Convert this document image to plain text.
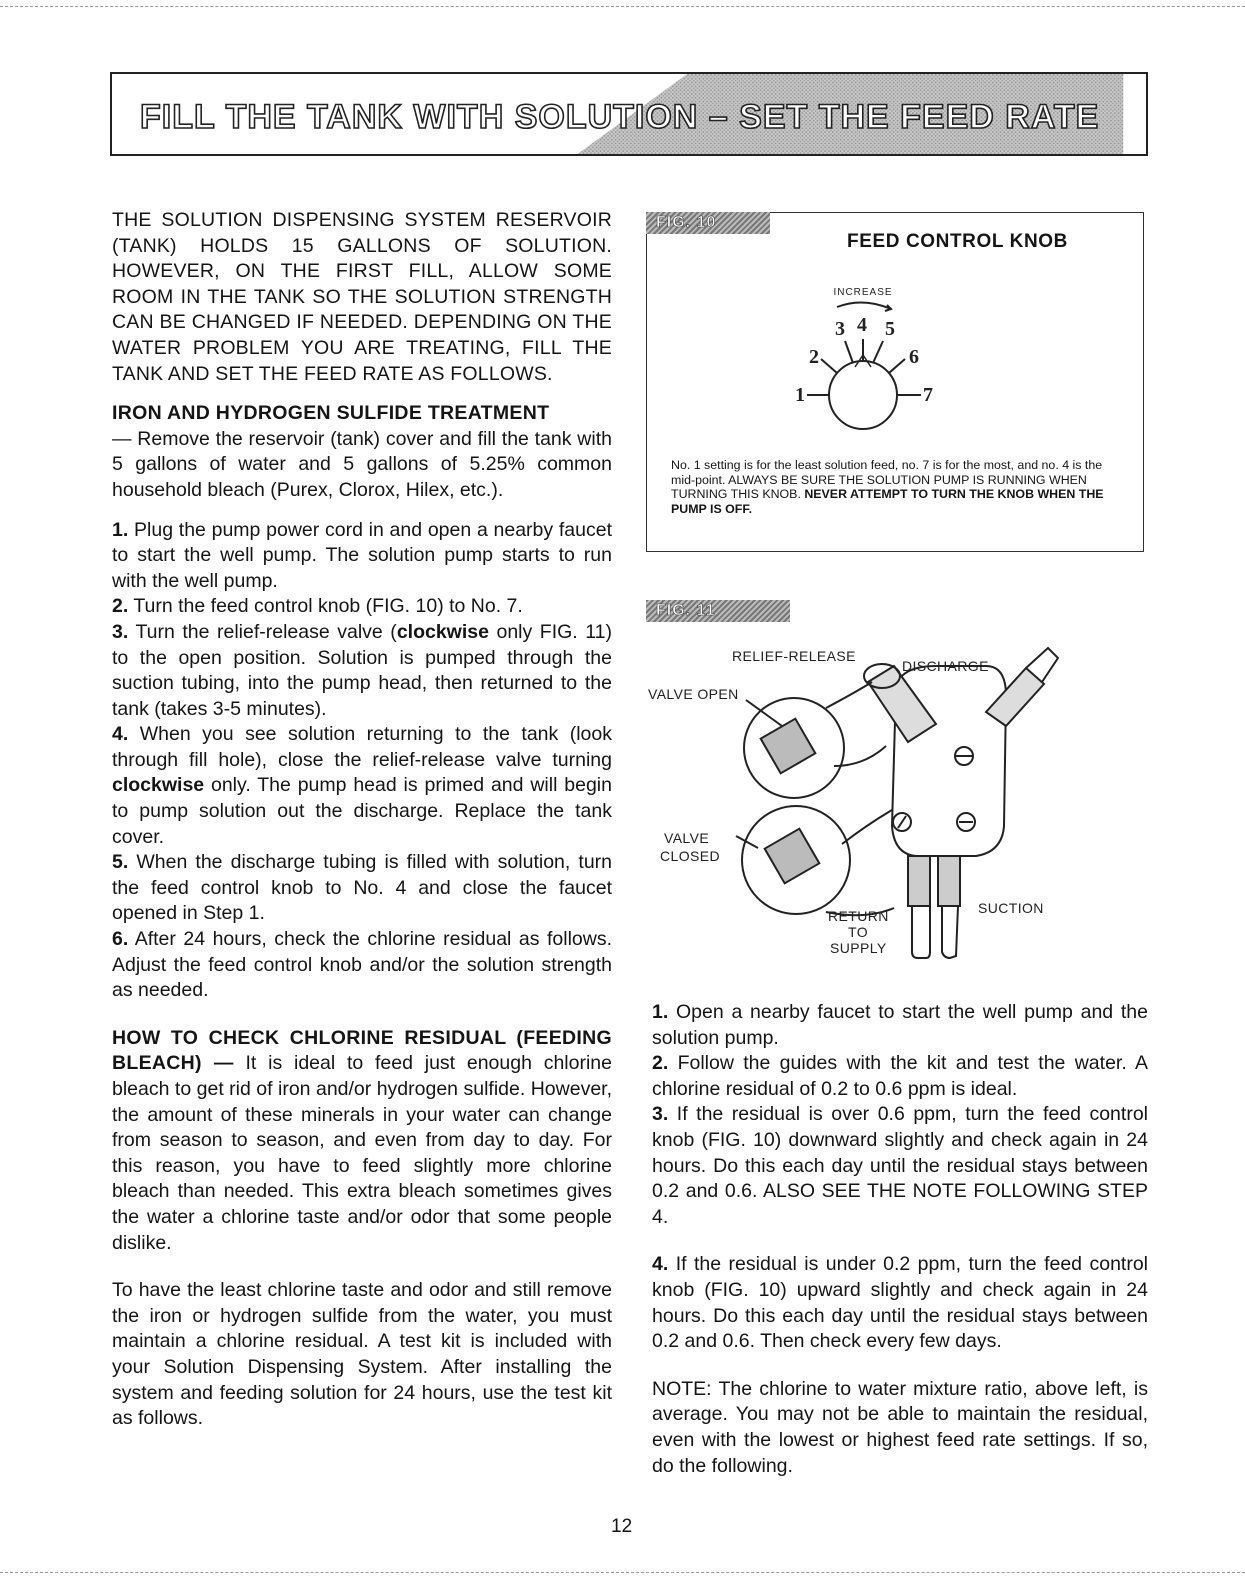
FILL THE TANK WITH SOLUTION – SET THE FEED RATE

THE SOLUTION DISPENSING SYSTEM RESERVOIR (TANK) HOLDS 15 GALLONS OF SOLUTION. HOWEVER, ON THE FIRST FILL, ALLOW SOME ROOM IN THE TANK SO THE SOLUTION STRENGTH CAN BE CHANGED IF NEEDED. DEPENDING ON THE WATER PROBLEM YOU ARE TREATING, FILL THE TANK AND SET THE FEED RATE AS FOLLOWS.

IRON AND HYDROGEN SULFIDE TREATMENT
— Remove the reservoir (tank) cover and fill the tank with 5 gallons of water and 5 gallons of 5.25% common household bleach (Purex, Clorox, Hilex, etc.).

1. Plug the pump power cord in and open a nearby faucet to start the well pump. The solution pump starts to run with the well pump.

2. Turn the feed control knob (FIG. 10) to No. 7.

3. Turn the relief-release valve (clockwise only FIG. 11) to the open position. Solution is pumped through the suction tubing, into the pump head, then returned to the tank (takes 3-5 minutes).

4. When you see solution returning to the tank (look through fill hole), close the relief-release valve turning clockwise only. The pump head is primed and will begin to pump solution out the discharge. Replace the tank cover.

5. When the discharge tubing is filled with solution, turn the feed control knob to No. 4 and close the faucet opened in Step 1.

6. After 24 hours, check the chlorine residual as follows. Adjust the feed control knob and/or the solution strength as needed.

HOW TO CHECK CHLORINE RESIDUAL (FEEDING BLEACH) — It is ideal to feed just enough chlorine bleach to get rid of iron and/or hydrogen sulfide. However, the amount of these minerals in your water can change from season to season, and even from day to day. For this reason, you have to feed slightly more chlorine bleach than needed. This extra bleach sometimes gives the water a chlorine taste and/or odor that some people dislike.

To have the least chlorine taste and odor and still remove the iron or hydrogen sulfide from the water, you must maintain a chlorine residual. A test kit is included with your Solution Dispensing System. After installing the system and feeding solution for 24 hours, use the test kit as follows.

FIG. 10
FEED CONTROL KNOB
INCREASE
1
2
3 4 5
6
7
No. 1 setting is for the least solution feed, no. 7 is for the most, and no. 4 is the mid-point. ALWAYS BE SURE THE SOLUTION PUMP IS RUNNING WHEN TURNING THIS KNOB. NEVER ATTEMPT TO TURN THE KNOB WHEN THE PUMP IS OFF.
FIG. 11
RELIEF-RELEASE
DISCHARGE
VALVE OPEN
VALVE
CLOSED
RETURN
TO
SUPPLY
SUCTION

1. Open a nearby faucet to start the well pump and the solution pump.

2. Follow the guides with the kit and test the water. A chlorine residual of 0.2 to 0.6 ppm is ideal.

3. If the residual is over 0.6 ppm, turn the feed control knob (FIG. 10) downward slightly and check again in 24 hours. Do this each day until the residual stays between 0.2 and 0.6. ALSO SEE THE NOTE FOLLOWING STEP 4.

4. If the residual is under 0.2 ppm, turn the feed control knob (FIG. 10) upward slightly and check again in 24 hours. Do this each day until the residual stays between 0.2 and 0.6. Then check every few days.

NOTE: The chlorine to water mixture ratio, above left, is average. You may not be able to maintain the residual, even with the lowest or highest feed rate settings. If so, do the following.

12
